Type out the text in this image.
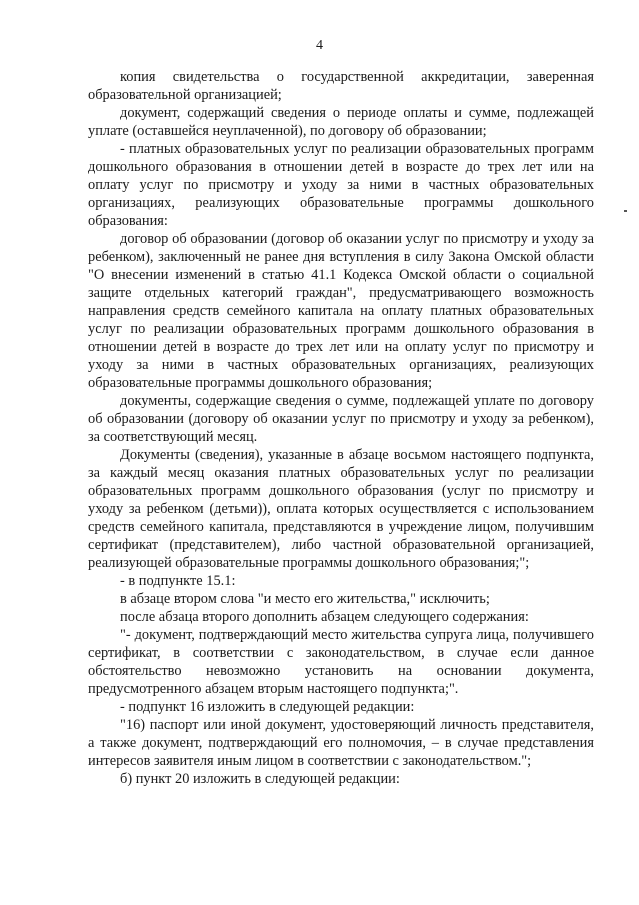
4

копия свидетельства о государственной аккредитации, заверенная образовательной организацией;

документ, содержащий сведения о периоде оплаты и сумме, подлежащей уплате (оставшейся неуплаченной), по договору об образовании;

- платных образовательных услуг по реализации образовательных программ дошкольного образования в отношении детей в возрасте до трех лет или на оплату услуг по присмотру и уходу за ними в частных образовательных организациях, реализующих образовательные программы дошкольного образования:

договор об образовании (договор об оказании услуг по присмотру и уходу за ребенком), заключенный не ранее дня вступления в силу Закона Омской области "О внесении изменений в статью 41.1 Кодекса Омской области о социальной защите отдельных категорий граждан", предусматривающего возможность направления средств семейного капитала на оплату платных образовательных услуг по реализации образовательных программ дошкольного образования в отношении детей в возрасте до трех лет или на оплату услуг по присмотру и уходу за ними в частных образовательных организациях, реализующих образовательные программы дошкольного образования;

документы, содержащие сведения о сумме, подлежащей уплате по договору об образовании (договору об оказании услуг по присмотру и уходу за ребенком), за соответствующий месяц.

Документы (сведения), указанные в абзаце восьмом настоящего подпункта, за каждый месяц оказания платных образовательных услуг по реализации образовательных программ дошкольного образования (услуг по присмотру и уходу за ребенком (детьми)), оплата которых осуществляется с использованием средств семейного капитала, представляются в учреждение лицом, получившим сертификат (представителем), либо частной образовательной организацией, реализующей образовательные программы дошкольного образования;";

- в подпункте 15.1:

в абзаце втором слова "и место его жительства," исключить;

после абзаца второго дополнить абзацем следующего содержания:

"- документ, подтверждающий место жительства супруга лица, получившего сертификат, в соответствии с законодательством, в случае если данное обстоятельство невозможно установить на основании документа, предусмотренного абзацем вторым настоящего подпункта;".

- подпункт 16 изложить в следующей редакции:

"16) паспорт или иной документ, удостоверяющий личность представителя, а также документ, подтверждающий его полномочия, – в случае представления интересов заявителя иным лицом в соответствии с законодательством.";

б) пункт 20 изложить в следующей редакции:
